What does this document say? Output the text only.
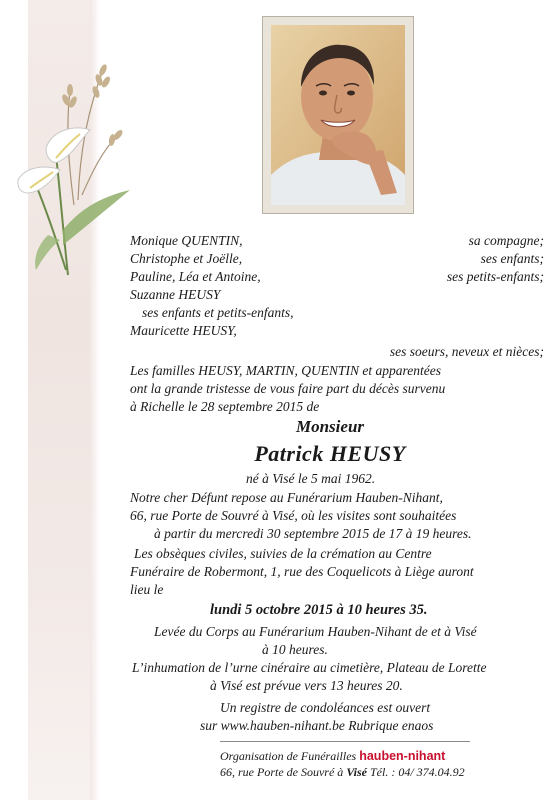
Monique QUENTIN,	sa compagne;
Christophe et Joëlle,	ses enfants;
Pauline, Léa et Antoine,	ses petits-enfants;
Suzanne HEUSY
ses enfants et petits-enfants,
Mauricette HEUSY,
ses soeurs, neveux et nièces;
Les familles HEUSY, MARTIN, QUENTIN et apparentées
ont la grande tristesse de vous faire part du décès survenu
à Richelle le 28 septembre 2015 de
Monsieur
Patrick HEUSY
né à Visé le 5 mai 1962.
Notre cher Défunt repose au Funérarium Hauben-Nihant,
66, rue Porte de Souvré à Visé, où les visites sont souhaitées
à partir du mercredi 30 septembre 2015 de 17 à 19 heures.
Les obsèques civiles, suivies de la crémation au Centre
Funéraire de Robermont, 1, rue des Coquelicots à Liège auront
lieu le
lundi 5 octobre 2015 à 10 heures 35.
Levée du Corps au Funérarium Hauben-Nihant de et à Visé
à 10 heures.
L’inhumation de l’urne cinéraire au cimetière, Plateau de Lorette
à Visé est prévue vers 13 heures 20.
Un registre de condoléances est ouvert
sur www.hauben-nihant.be Rubrique enaos
Organisation de Funérailles hauben-nihant
66, rue Porte de Souvré à Visé Tél. : 04/ 374.04.92
